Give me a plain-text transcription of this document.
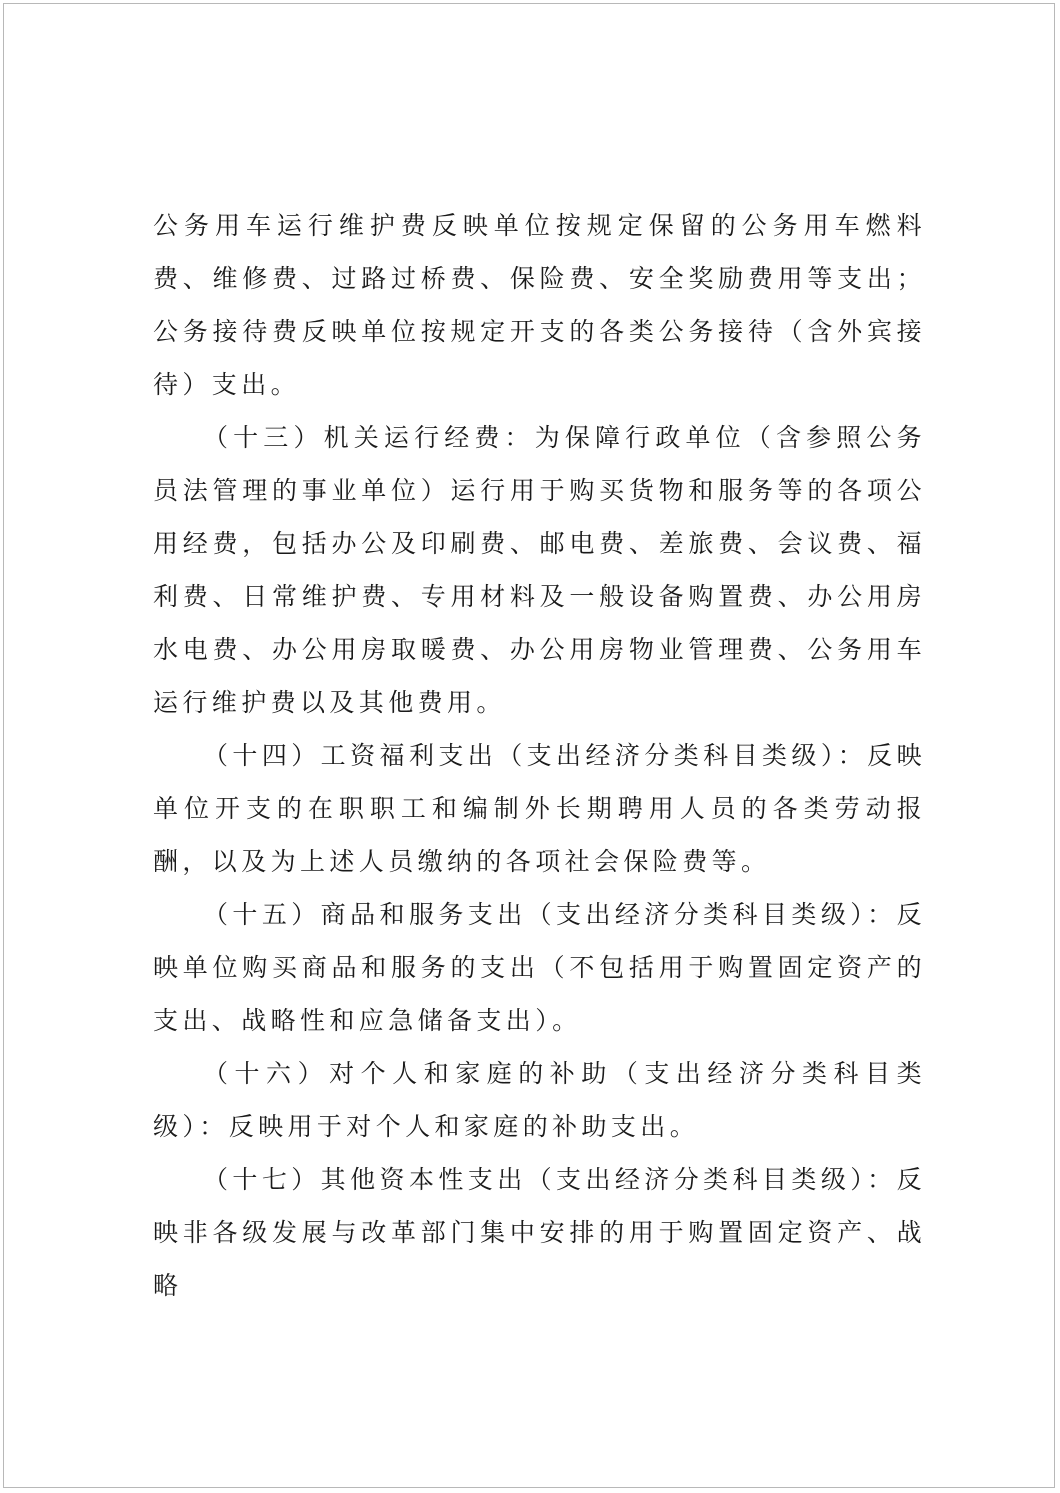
公务用车运行维护费反映单位按规定保留的公务用车燃料费、维修费、过路过桥费、保险费、安全奖励费用等支出；公务接待费反映单位按规定开支的各类公务接待（含外宾接待）支出。

（十三）机关运行经费：为保障行政单位（含参照公务员法管理的事业单位）运行用于购买货物和服务等的各项公用经费，包括办公及印刷费、邮电费、差旅费、会议费、福利费、日常维护费、专用材料及一般设备购置费、办公用房水电费、办公用房取暖费、办公用房物业管理费、公务用车运行维护费以及其他费用。

（十四）工资福利支出（支出经济分类科目类级）：反映单位开支的在职职工和编制外长期聘用人员的各类劳动报酬，以及为上述人员缴纳的各项社会保险费等。

（十五）商品和服务支出（支出经济分类科目类级）：反映单位购买商品和服务的支出（不包括用于购置固定资产的支出、战略性和应急储备支出）。

（十六）对个人和家庭的补助（支出经济分类科目类级）：反映用于对个人和家庭的补助支出。

（十七）其他资本性支出（支出经济分类科目类级）：反映非各级发展与改革部门集中安排的用于购置固定资产、战略
